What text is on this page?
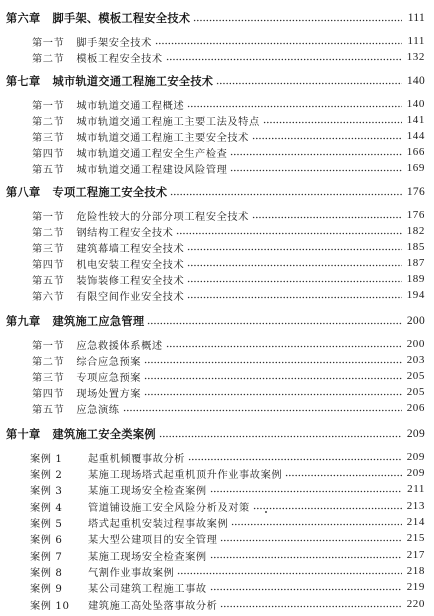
第六章 脚手架、模板工程安全技术	111
第一节 脚手架安全技术	111
第二节 模板工程安全技术	132
第七章 城市轨道交通工程施工安全技术	140
第一节 城市轨道交通工程概述	140
第二节 城市轨道交通工程施工主要工法及特点	141
第三节 城市轨道交通工程施工主要安全技术	144
第四节 城市轨道交通工程安全生产检查	166
第五节 城市轨道交通工程建设风险管理	169
第八章 专项工程施工安全技术	176
第一节 危险性较大的分部分项工程安全技术	176
第二节 钢结构工程安全技术	182
第三节 建筑幕墙工程安全技术	185
第四节 机电安装工程安全技术	187
第五节 装饰装修工程安全技术	189
第六节 有限空间作业安全技术	194
第九章 建筑施工应急管理	200
第一节 应急救援体系概述	200
第二节 综合应急预案	203
第三节 专项应急预案	205
第四节 现场处置方案	205
第五节 应急演练	206
第十章 建筑施工安全类案例	209
案例 1	起重机倾覆事故分析	209
案例 2	某施工现场塔式起重机顶升作业事故案例	209
案例 3	某施工现场安全检查案例	211
案例 4	管道铺设施工安全风险分析及对策	213
案例 5	塔式起重机安装过程事故案例	214
案例 6	某大型公建项目的安全管理	215
案例 7	某施工现场安全检查案例	217
案例 8	气割作业事故案例	218
案例 9	某公司建筑工程施工事故	219
案例 10	建筑施工高处坠落事故分析	220
